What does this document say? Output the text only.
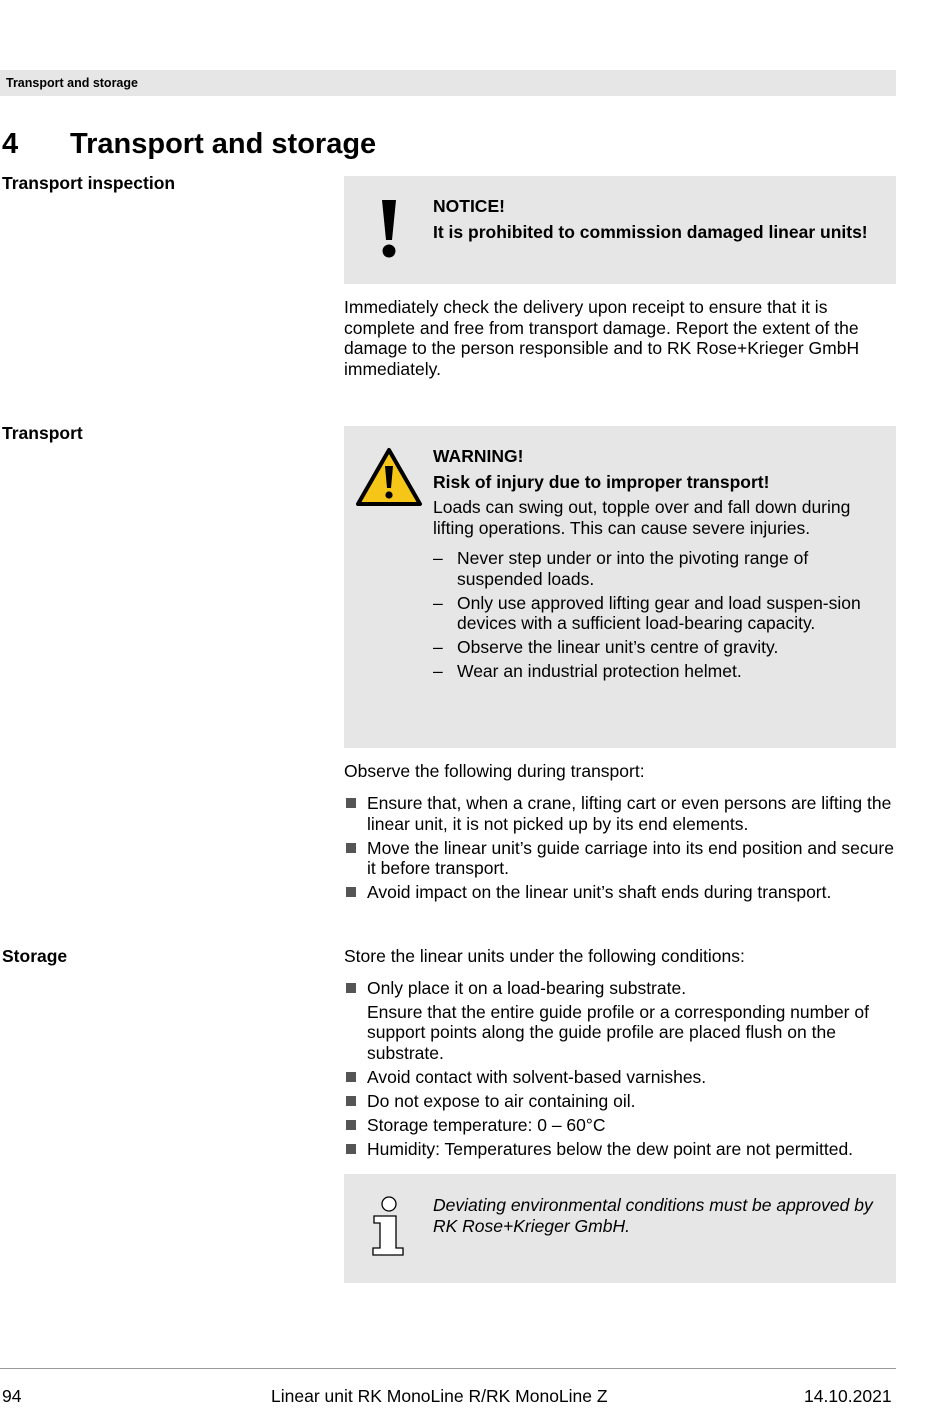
Transport and storage
4 Transport and storage
Transport inspection
NOTICE!
It is prohibited to commission damaged linear units!
Immediately check the delivery upon receipt to ensure that it is complete and free from transport damage. Report the extent of the damage to the person responsible and to RK Rose+Krieger GmbH immediately.
Transport
WARNING!
Risk of injury due to improper transport!
Loads can swing out, topple over and fall down during lifting operations. This can cause severe injuries.
– Never step under or into the pivoting range of suspended loads.
– Only use approved lifting gear and load suspen-sion devices with a sufficient load-bearing capacity.
– Observe the linear unit’s centre of gravity.
– Wear an industrial protection helmet.
Observe the following during transport:
Ensure that, when a crane, lifting cart or even persons are lifting the linear unit, it is not picked up by its end elements.
Move the linear unit’s guide carriage into its end position and secure it before transport.
Avoid impact on the linear unit’s shaft ends during transport.
Storage	Store the linear units under the following conditions:
Only place it on a load-bearing substrate.
Ensure that the entire guide profile or a corresponding number of support points along the guide profile are placed flush on the substrate.
Avoid contact with solvent-based varnishes.
Do not expose to air containing oil.
Storage temperature: 0 – 60°C
Humidity: Temperatures below the dew point are not permitted.
Deviating environmental conditions must be approved by RK Rose+Krieger GmbH.
94	Linear unit RK MonoLine R/RK MonoLine Z	14.10.2021
